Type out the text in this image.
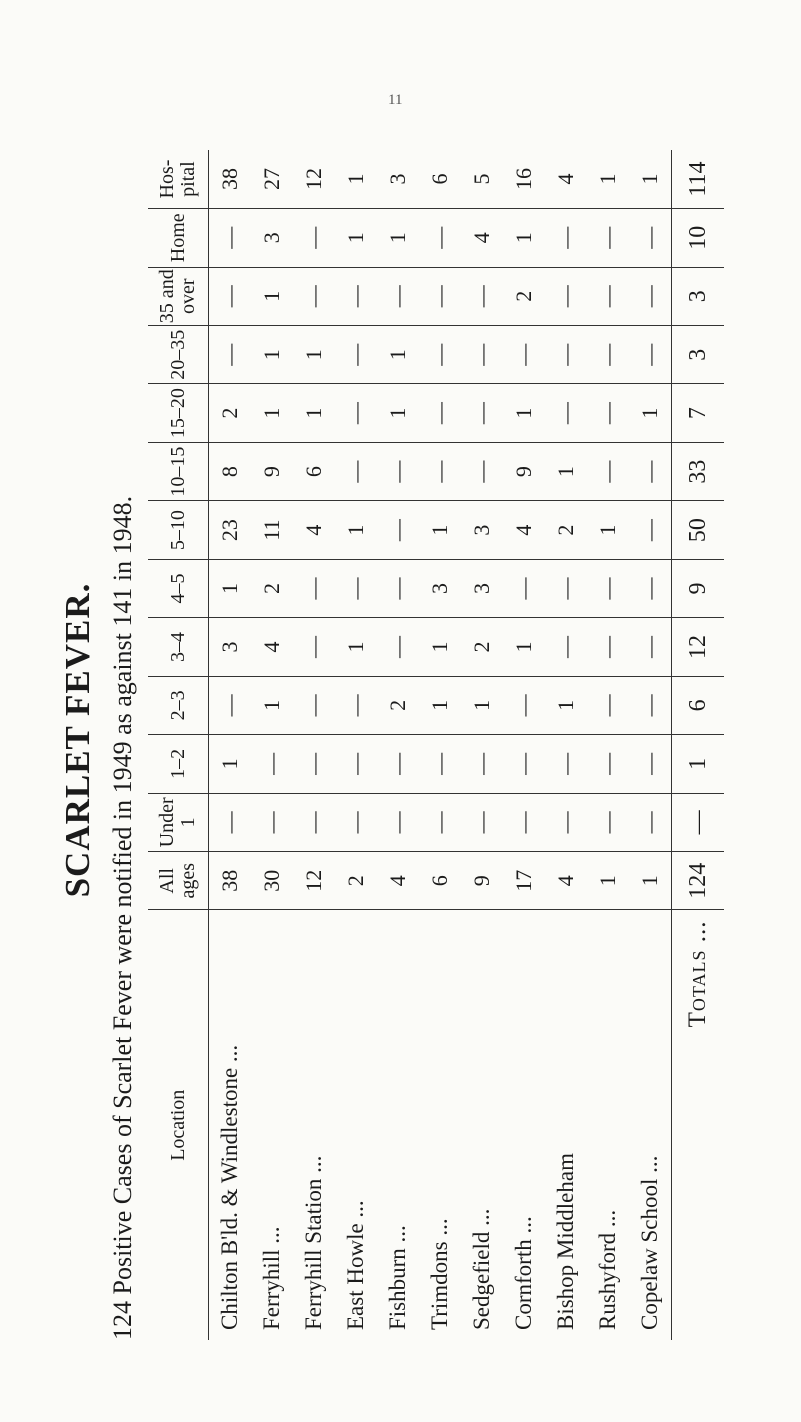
11
SCARLET FEVER. 124 Positive Cases of Scarlet Fever were notified in 1949 as against 141 in 1948. Location	All ages	Under 1	1–2	2–3	3–4	4–5	5–10	10–15	15–20	20–35	35 and over	Home	Hos-pital
Chilton B'ld. & Windlestone ...	38	—	1	—	3	1	23	8	2	—	—	—	38
Ferryhill ...	30	—	—	1	4	2	11	9	1	1	1	3	27
Ferryhill Station ...	12	—	—	—	—	—	4	6	1	1	—	—	12
East Howle ...	2	—	—	—	1	—	1	—	—	—	—	1	1
Fishburn ...	4	—	—	2	—	—	—	—	1	1	—	1	3
Trimdons ...	6	—	—	1	1	3	1	—	—	—	—	—	6
Sedgefield ...	9	—	—	1	2	3	3	—	—	—	—	4	5
Cornforth ...	17	—	—	—	1	—	4	9	1	—	2	1	16
Bishop Middleham	4	—	—	1	—	—	2	1	—	—	—	—	4
Rushyford ...	1	—	—	—	—	—	1	—	—	—	—	—	1
Copelaw School ...	1	—	—	—	—	—	—	—	1	—	—	—	1
Totals ...	124	—	1	6	12	9	50	33	7	3	3	10	114
